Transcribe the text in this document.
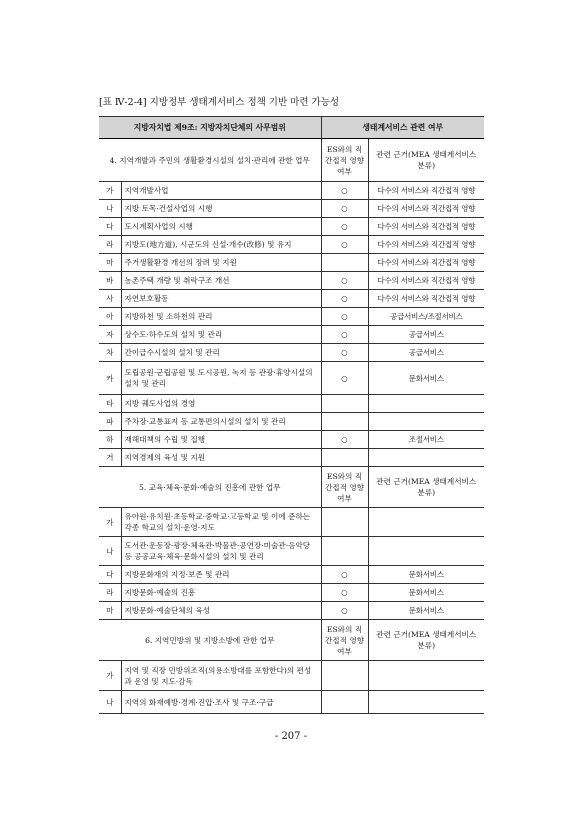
[표 Ⅳ-2-4] 지방정부 생태계서비스 정책 기반 마련 가능성
지방자치법 제9조: 지방자치단체의 사무범위		생태계서비스 관련 여부	
4. 지역개발과 주민의 생활환경시설의 설치·관리에 관한 업무		ES와의 직간접적 영향여부	관련 근거(MEA 생태계서비스 분류)
가	지역개발사업	○	다수의 서비스와 직간접적 영향
나	지방 토목·건설사업의 시행	○	다수의 서비스와 직간접적 영향
다	도시계획사업의 시행	○	다수의 서비스와 직간접적 영향
라	지방도(地方道), 시군도의 신설·개수(改修) 및 유지	○	다수의 서비스와 직간접적 영향
마	주거생활환경 개선의 장려 및 지원		다수의 서비스와 직간접적 영향
바	농촌주택 개량 및 취락구조 개선	○	다수의 서비스와 직간접적 영향
사	자연보호활동	○	다수의 서비스와 직간접적 영향
아	지방하천 및 소하천의 관리	○	공급서비스/조절서비스
자	상수도·하수도의 설치 및 관리	○	공급서비스
차	간이급수시설의 설치 및 관리	○	공급서비스
카	도립공원·군립공원 및 도시공원, 녹지 등 관광·휴양시설의 설치 및 관리	○	문화서비스
타	지방 궤도사업의 경영		
파	주차장·교통표지 등 교통편의시설의 설치 및 관리		
하	재해대책의 수립 및 집행	○	조절서비스
거	지역경제의 육성 및 지원		
5. 교육·체육·문화·예술의 진흥에 관한 업무		ES와의 직간접적 영향여부	관련 근거(MEA 생태계서비스 분류)
가	유아원·유치원·초등학교·중학교·고등학교 및 이에 준하는 각종 학교의 설치·운영·지도		
나	도서관·운동장·광장·체육관·박물관·공연장·미술관·음악당 등 공공교육·체육·문화시설의 설치 및 관리		
다	지방문화재의 지정·보존 및 관리	○	문화서비스
라	지방문화·예술의 진흥	○	문화서비스
마	지방문화·예술단체의 육성	○	문화서비스
6. 지역민방위 및 지방소방에 관한 업무		ES와의 직간접적 영향여부	관련 근거(MEA 생태계서비스 분류)
가	지역 및 직장 민방위조직(의용소방대를 포함한다)의 편성과 운영 및 지도·감독		
나	지역의 화재예방·경계·진압·조사 및 구조·구급		
- 207 -
